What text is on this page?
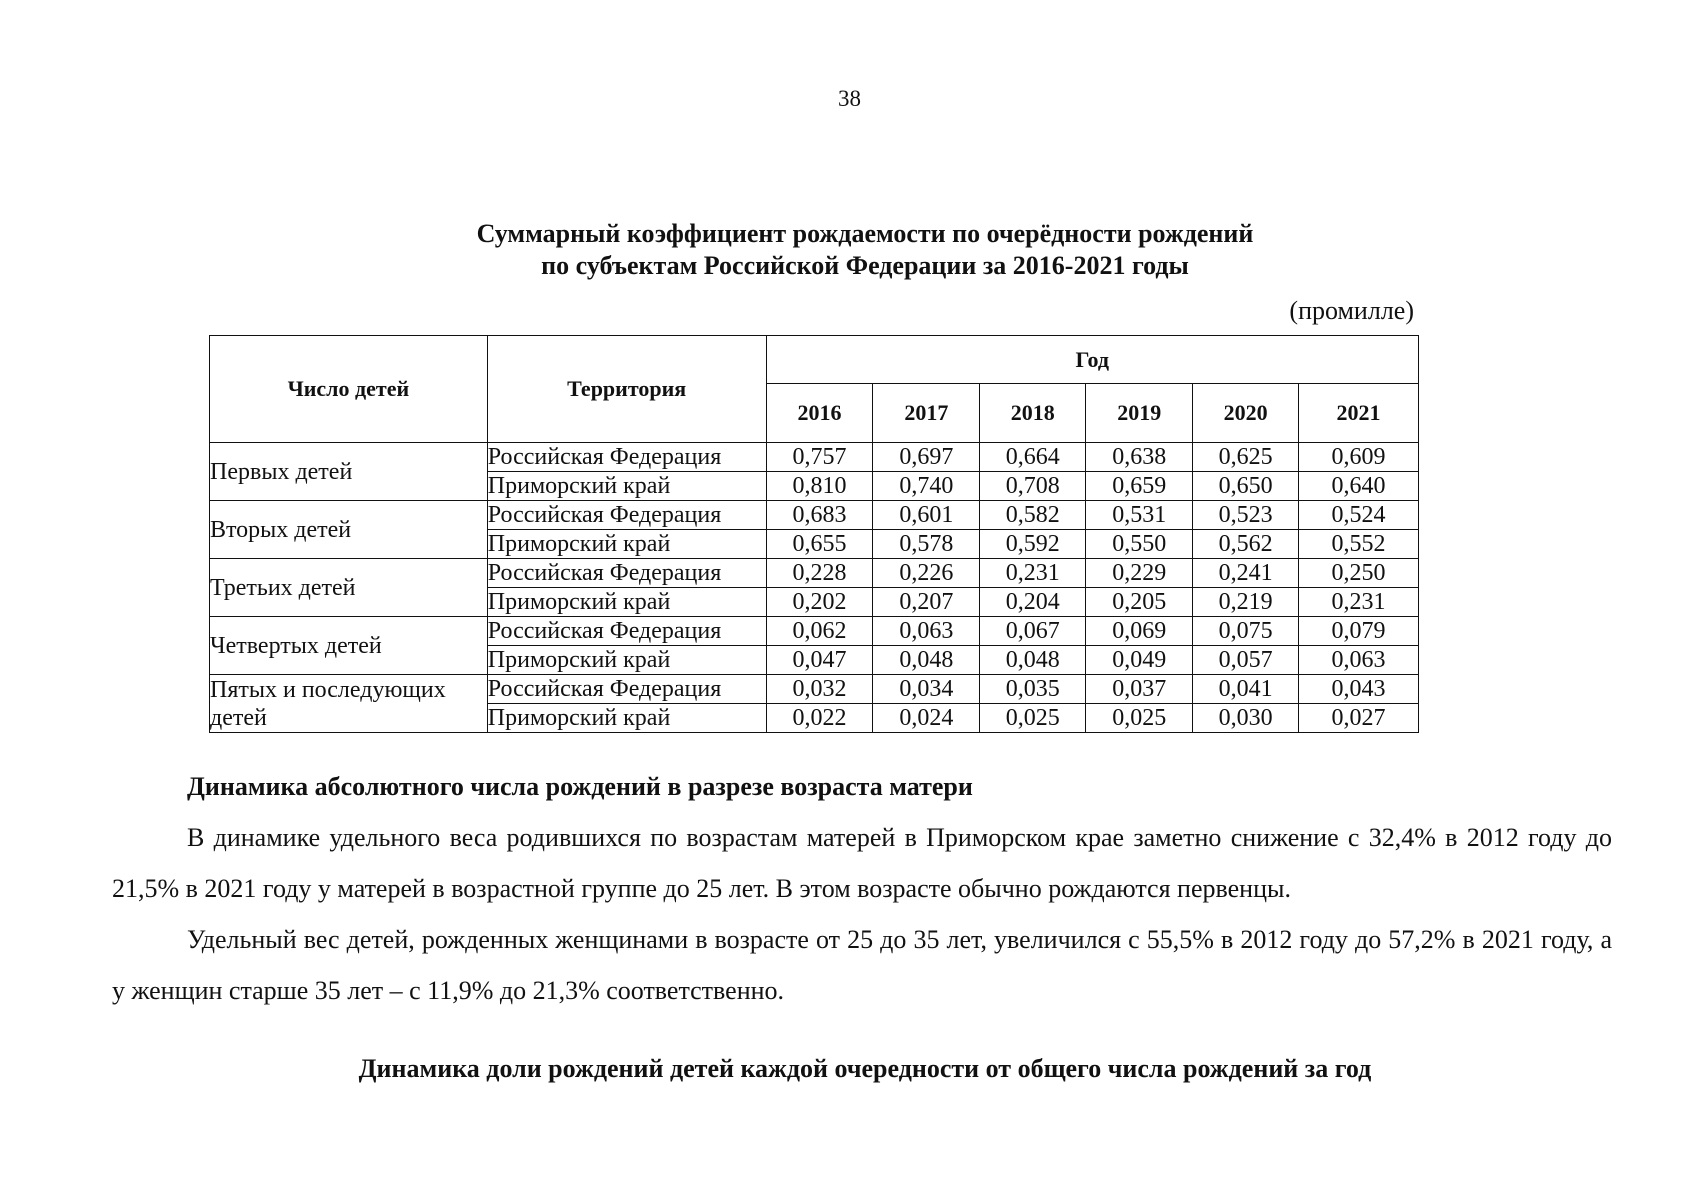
38
Суммарный коэффициент рождаемости по очерёдности рождений
по субъектам Российской Федерации за 2016-2021 годы
(промилле)
Число детей	Территория	Год					
		2016	2017	2018	2019	2020	2021
Первых детей	Российская Федерация	0,757	0,697	0,664	0,638	0,625	0,609
	Приморский край	0,810	0,740	0,708	0,659	0,650	0,640
Вторых детей	Российская Федерация	0,683	0,601	0,582	0,531	0,523	0,524
	Приморский край	0,655	0,578	0,592	0,550	0,562	0,552
Третьих детей	Российская Федерация	0,228	0,226	0,231	0,229	0,241	0,250
	Приморский край	0,202	0,207	0,204	0,205	0,219	0,231
Четвертых детей	Российская Федерация	0,062	0,063	0,067	0,069	0,075	0,079
	Приморский край	0,047	0,048	0,048	0,049	0,057	0,063
Пятых и последующих детей	Российская Федерация	0,032	0,034	0,035	0,037	0,041	0,043
	Приморский край	0,022	0,024	0,025	0,025	0,030	0,027
Динамика абсолютного числа рождений в разрезе возраста матери
В динамике удельного веса родившихся по возрастам матерей в Приморском крае заметно снижение с 32,4% в 2012 году до 21,5% в 2021 году у матерей в возрастной группе до 25 лет. В этом возрасте обычно рождаются первенцы.
Удельный вес детей, рожденных женщинами в возрасте от 25 до 35 лет, увеличился с 55,5% в 2012 году до 57,2% в 2021 году, а у женщин старше 35 лет – с 11,9% до 21,3% соответственно.
Динамика доли рождений детей каждой очередности от общего числа рождений за год
